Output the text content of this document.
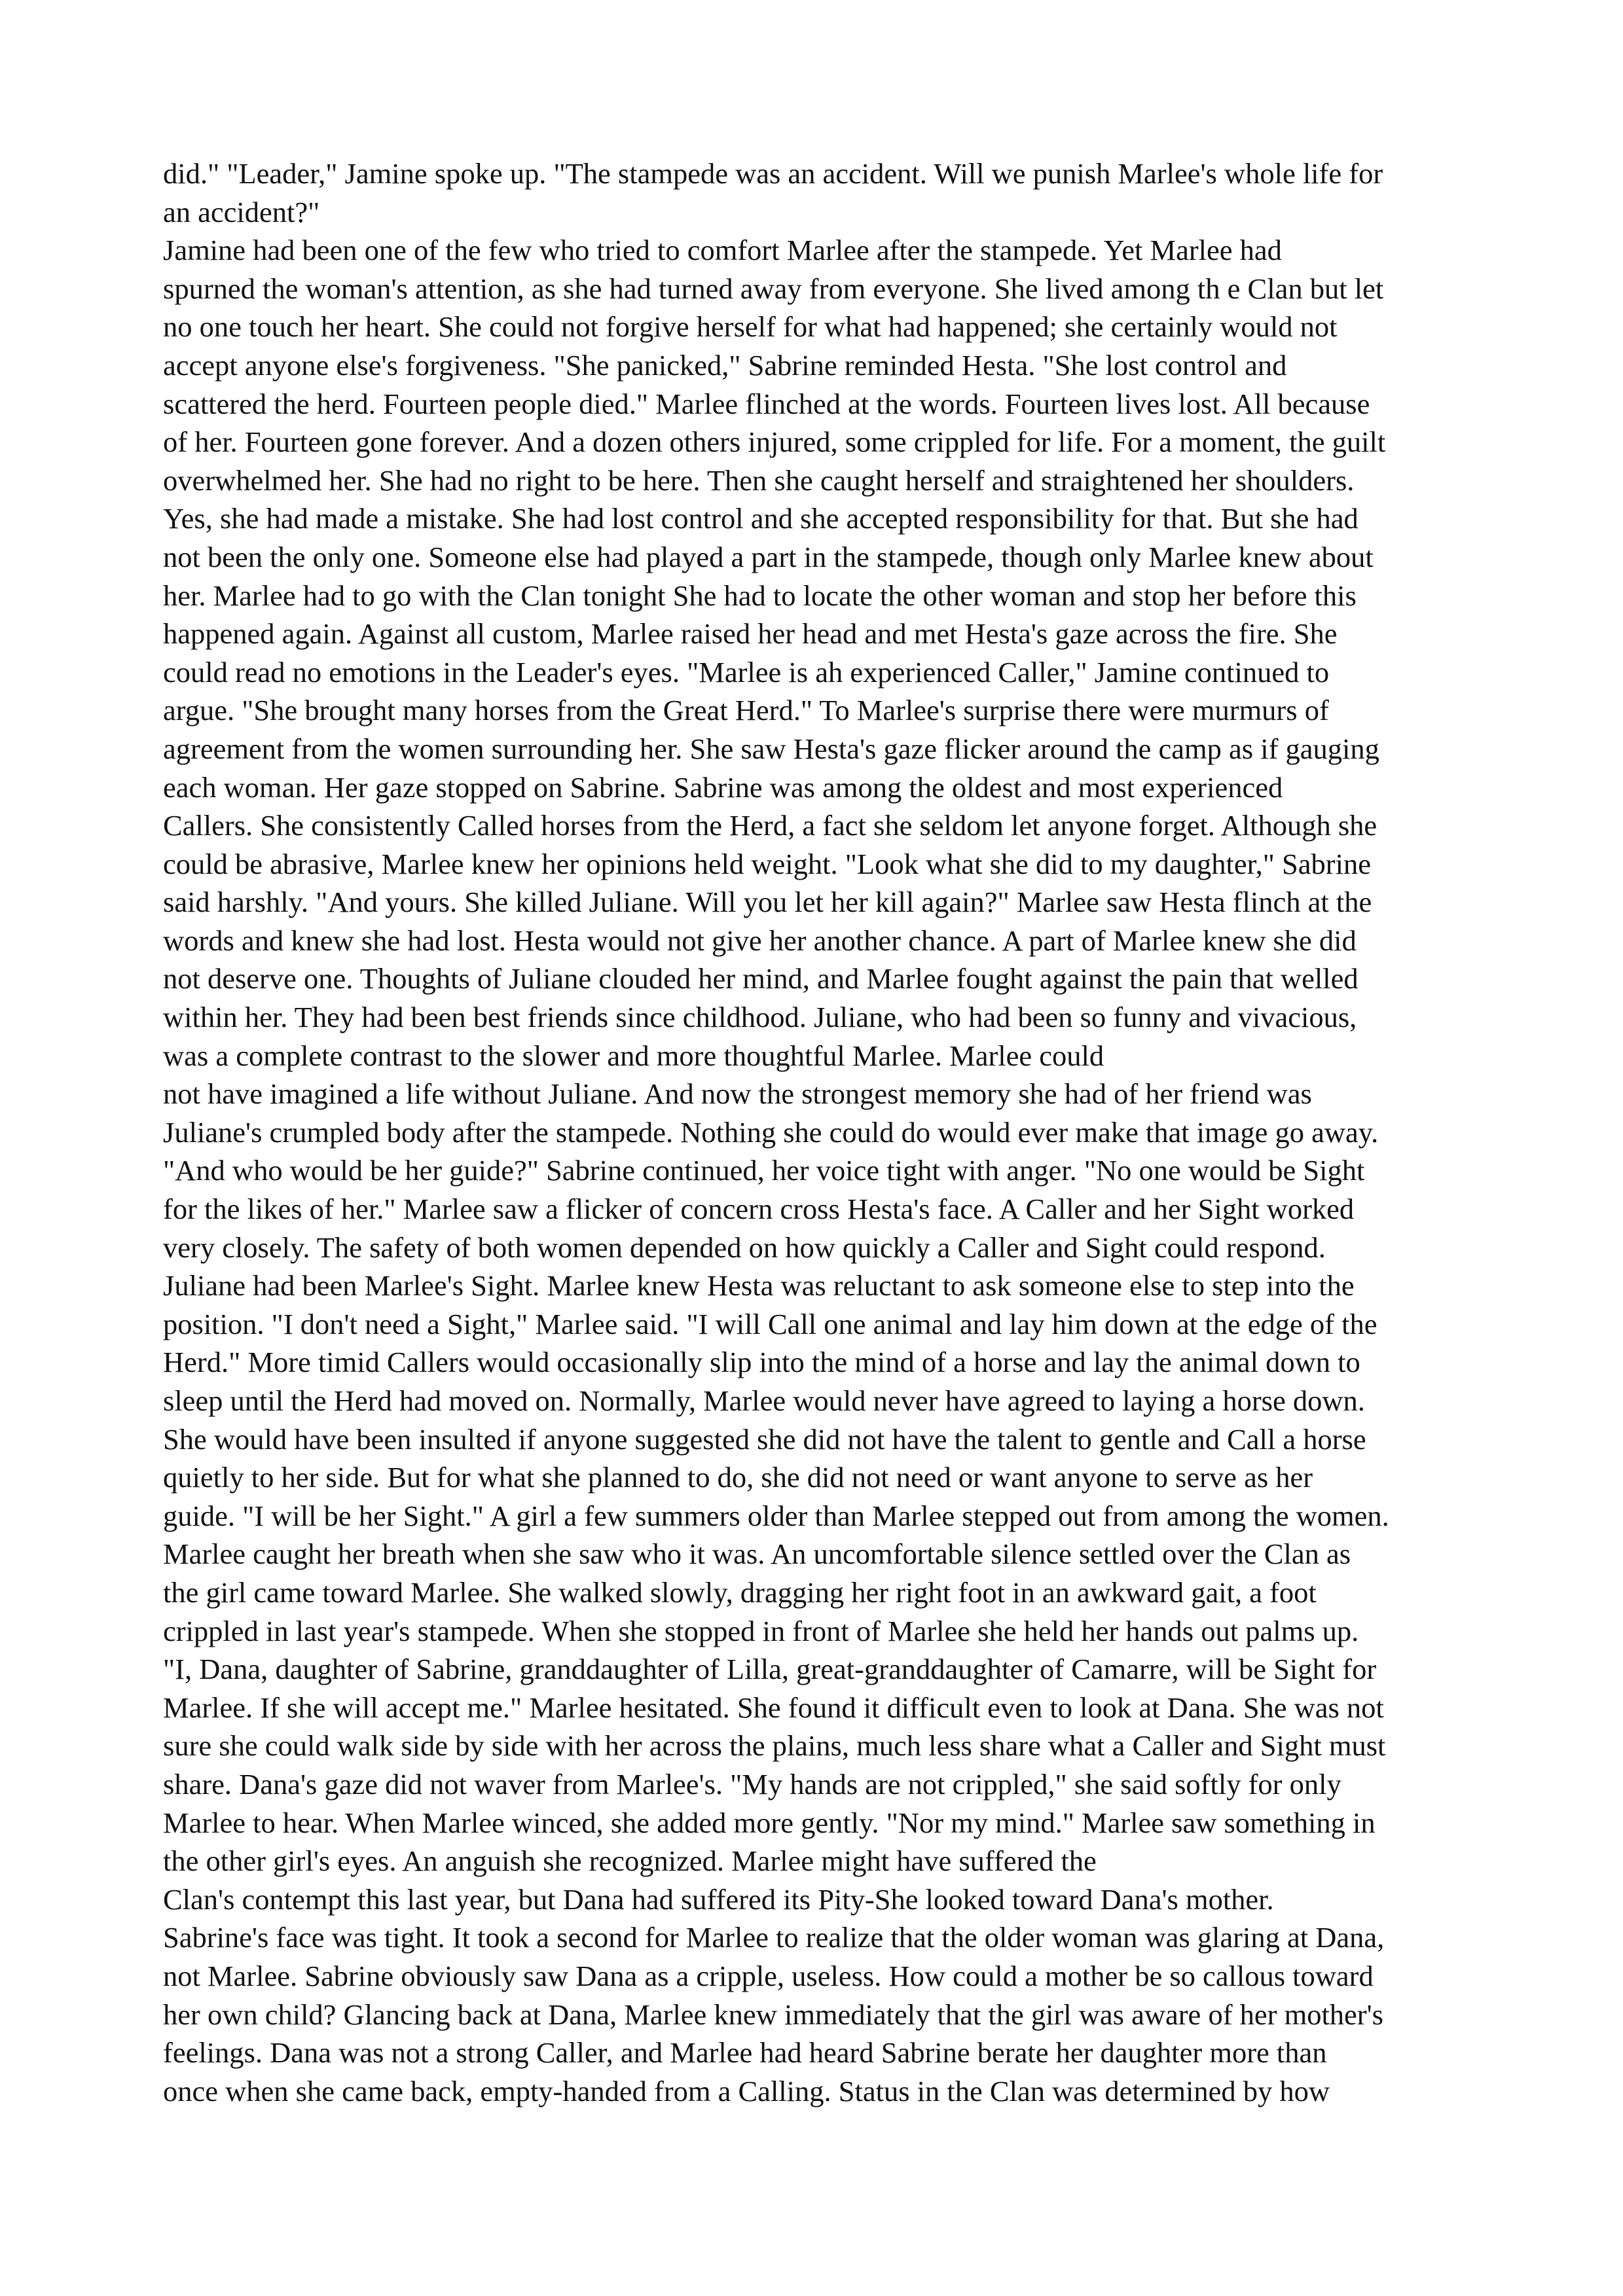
did." "Leader," Jamine spoke up. "The stampede was an accident. Will we punish Marlee's whole life for
an accident?"
Jamine had been one of the few who tried to comfort Marlee after the stampede. Yet Marlee had
spurned the woman's attention, as she had turned away from everyone. She lived among th e Clan but let
no one touch her heart. She could not forgive herself for what had happened; she certainly would not
accept anyone else's forgiveness. "She panicked," Sabrine reminded Hesta. "She lost control and
scattered the herd. Fourteen people died." Marlee flinched at the words. Fourteen lives lost. All because
of her. Fourteen gone forever. And a dozen others injured, some crippled for life. For a moment, the guilt
overwhelmed her. She had no right to be here. Then she caught herself and straightened her shoulders.
Yes, she had made a mistake. She had lost control and she accepted responsibility for that. But she had
not been the only one. Someone else had played a part in the stampede, though only Marlee knew about
her. Marlee had to go with the Clan tonight She had to locate the other woman and stop her before this
happened again. Against all custom, Marlee raised her head and met Hesta's gaze across the fire. She
could read no emotions in the Leader's eyes. "Marlee is ah experienced Caller," Jamine continued to
argue. "She brought many horses from the Great Herd." To Marlee's surprise there were murmurs of
agreement from the women surrounding her. She saw Hesta's gaze flicker around the camp as if gauging
each woman. Her gaze stopped on Sabrine. Sabrine was among the oldest and most experienced
Callers. She consistently Called horses from the Herd, a fact she seldom let anyone forget. Although she
could be abrasive, Marlee knew her opinions held weight. "Look what she did to my daughter," Sabrine
said harshly. "And yours. She killed Juliane. Will you let her kill again?" Marlee saw Hesta flinch at the
words and knew she had lost. Hesta would not give her another chance. A part of Marlee knew she did
not deserve one. Thoughts of Juliane clouded her mind, and Marlee fought against the pain that welled
within her. They had been best friends since childhood. Juliane, who had been so funny and vivacious,
was a complete contrast to the slower and more thoughtful Marlee. Marlee could
not have imagined a life without Juliane. And now the strongest memory she had of her friend was
Juliane's crumpled body after the stampede. Nothing she could do would ever make that image go away.
"And who would be her guide?" Sabrine continued, her voice tight with anger. "No one would be Sight
for the likes of her." Marlee saw a flicker of concern cross Hesta's face. A Caller and her Sight worked
very closely. The safety of both women depended on how quickly a Caller and Sight could respond.
Juliane had been Marlee's Sight. Marlee knew Hesta was reluctant to ask someone else to step into the
position. "I don't need a Sight," Marlee said. "I will Call one animal and lay him down at the edge of the
Herd." More timid Callers would occasionally slip into the mind of a horse and lay the animal down to
sleep until the Herd had moved on. Normally, Marlee would never have agreed to laying a horse down.
She would have been insulted if anyone suggested she did not have the talent to gentle and Call a horse
quietly to her side. But for what she planned to do, she did not need or want anyone to serve as her
guide. "I will be her Sight." A girl a few summers older than Marlee stepped out from among the women.
Marlee caught her breath when she saw who it was. An uncomfortable silence settled over the Clan as
the girl came toward Marlee. She walked slowly, dragging her right foot in an awkward gait, a foot
crippled in last year's stampede. When she stopped in front of Marlee she held her hands out palms up.
"I, Dana, daughter of Sabrine, granddaughter of Lilla, great-granddaughter of Camarre, will be Sight for
Marlee. If she will accept me." Marlee hesitated. She found it difficult even to look at Dana. She was not
sure she could walk side by side with her across the plains, much less share what a Caller and Sight must
share. Dana's gaze did not waver from Marlee's. "My hands are not crippled," she said softly for only
Marlee to hear. When Marlee winced, she added more gently. "Nor my mind." Marlee saw something in
the other girl's eyes. An anguish she recognized. Marlee might have suffered the
Clan's contempt this last year, but Dana had suffered its Pity-She looked toward Dana's mother.
Sabrine's face was tight. It took a second for Marlee to realize that the older woman was glaring at Dana,
not Marlee. Sabrine obviously saw Dana as a cripple, useless. How could a mother be so callous toward
her own child? Glancing back at Dana, Marlee knew immediately that the girl was aware of her mother's
feelings. Dana was not a strong Caller, and Marlee had heard Sabrine berate her daughter more than
once when she came back, empty-handed from a Calling. Status in the Clan was determined by how
